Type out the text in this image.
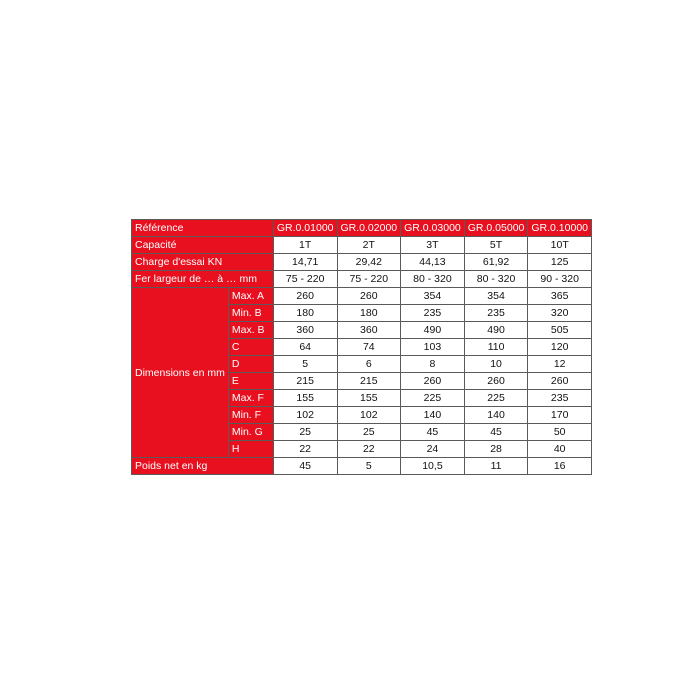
Référence		GR.0.01000	GR.0.02000	GR.0.03000	GR.0.05000	GR.0.10000
Capacité		1T	2T	3T	5T	10T
Charge d'essai KN		14,71	29,42	44,13	61,92	125
Fer largeur de … à … mm		75 - 220	75 - 220	80 - 320	80 - 320	90 - 320
Dimensions en mm	Max. A	260	260	354	354	365
	Min. B	180	180	235	235	320
	Max. B	360	360	490	490	505
	C	64	74	103	110	120
	D	5	6	8	10	12
	E	215	215	260	260	260
	Max. F	155	155	225	225	235
	Min. F	102	102	140	140	170
	Min. G	25	25	45	45	50
	H	22	22	24	28	40
Poids net en kg		45	5	10,5	11	16
